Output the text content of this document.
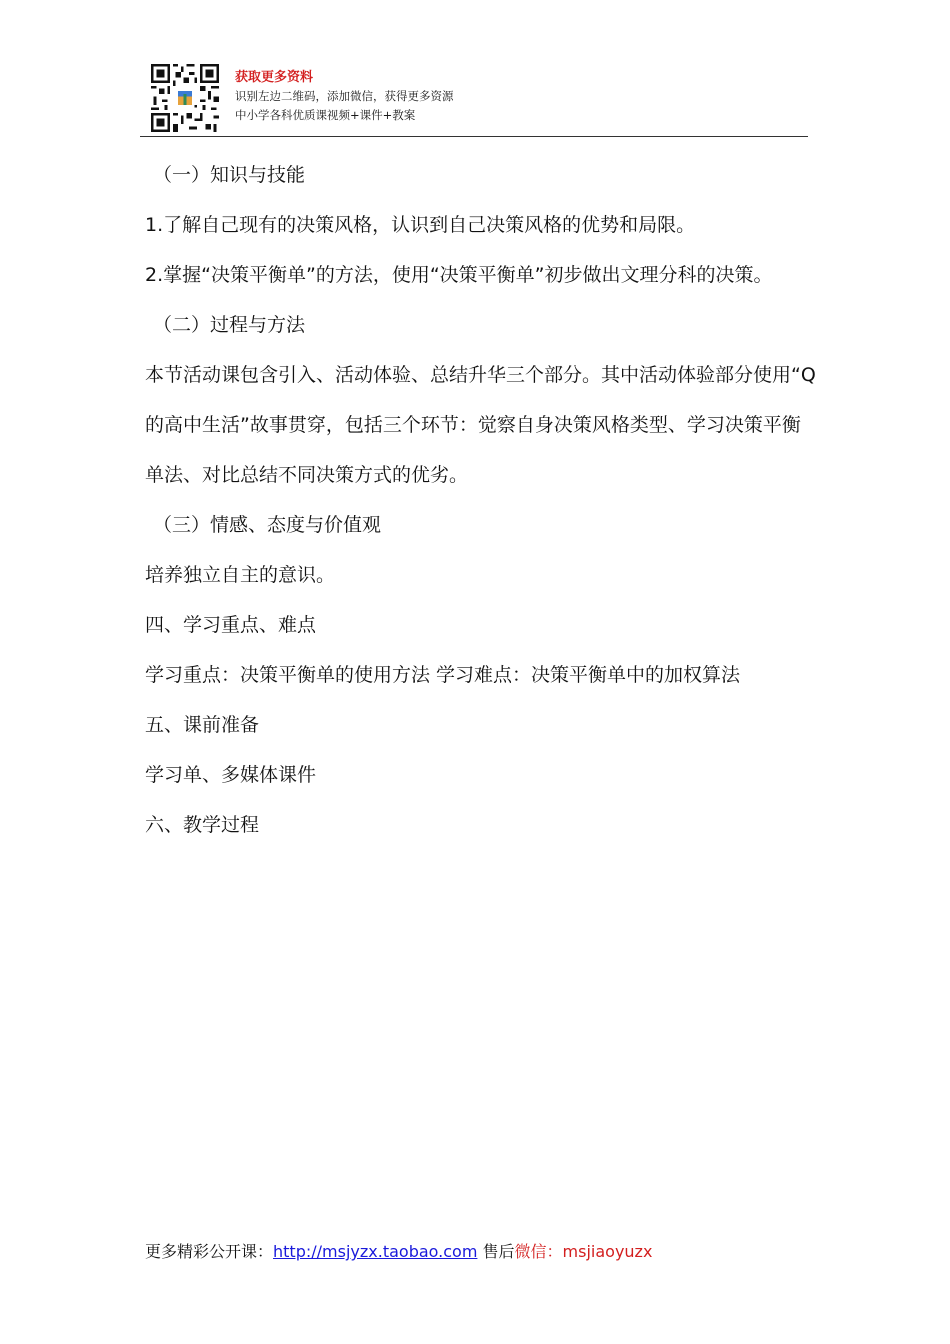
获取更多资料
识别左边二维码，添加微信，获得更多资源
中小学各科优质课视频+课件+教案
（一）知识与技能
1.了解自己现有的决策风格，认识到自己决策风格的优势和局限。
2.掌握“决策平衡单”的方法，使用“决策平衡单”初步做出文理分科的决策。
（二）过程与方法
本节活动课包含引入、活动体验、总结升华三个部分。其中活动体验部分使用“Q
的高中生活”故事贯穿，包括三个环节：觉察自身决策风格类型、学习决策平衡
单法、对比总结不同决策方式的优劣。
（三）情感、态度与价值观
培养独立自主的意识。
四、学习重点、难点
学习重点：决策平衡单的使用方法 学习难点：决策平衡单中的加权算法
五、课前准备
学习单、多媒体课件
六、教学过程
更多精彩公开课：http://msjyzx.taobao.com 售后微信：msjiaoyuzx
